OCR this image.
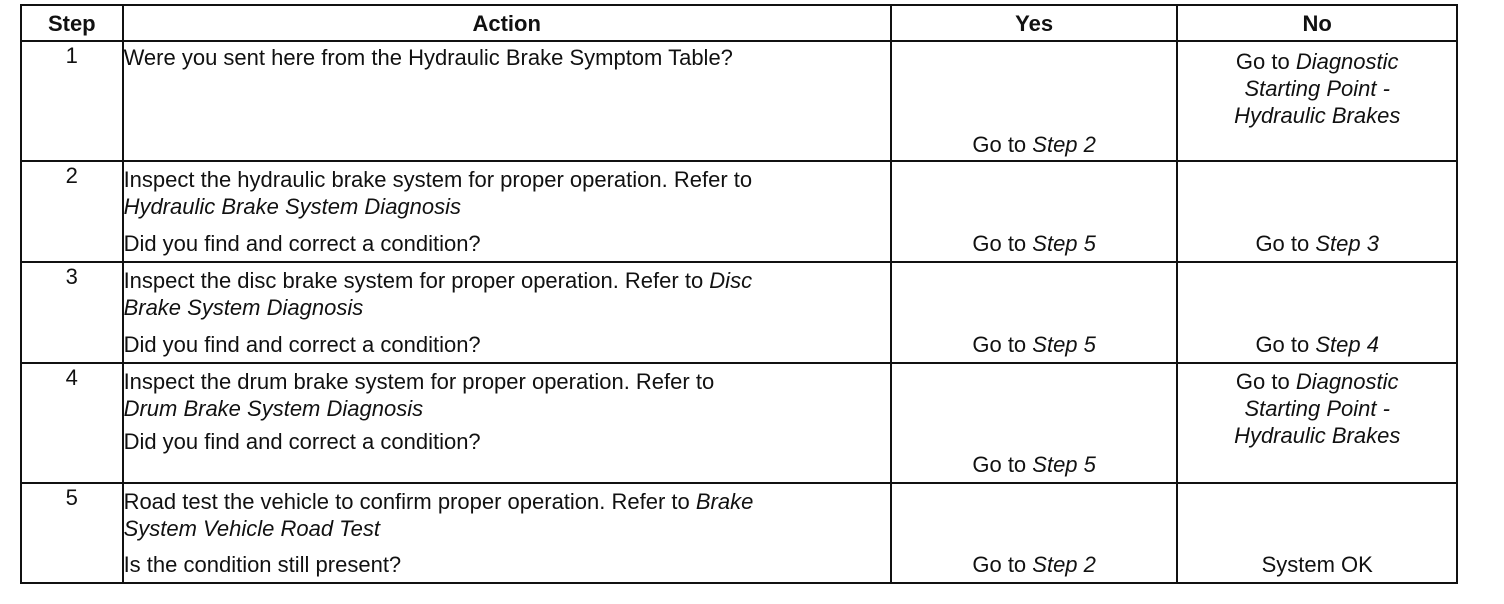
Step	Action	Yes	No
1	Were you sent here from the Hydraulic Brake Symptom Table?	Go to Step 2	Go to Diagnostic
Starting Point -
Hydraulic Brakes

2	Inspect the hydraulic brake system for proper operation. Refer to
Hydraulic Brake System Diagnosis
Did you find and correct a condition?	Go to Step 5	Go to Step 3

3	Inspect the disc brake system for proper operation. Refer to Disc
Brake System Diagnosis
Did you find and correct a condition?	Go to Step 5	Go to Step 4

4	Inspect the drum brake system for proper operation. Refer to
Drum Brake System Diagnosis
Did you find and correct a condition?	Go to Step 5	Go to Diagnostic
Starting Point -
Hydraulic Brakes

5	Road test the vehicle to confirm proper operation. Refer to Brake
System Vehicle Road Test
Is the condition still present?	Go to Step 2	System OK
